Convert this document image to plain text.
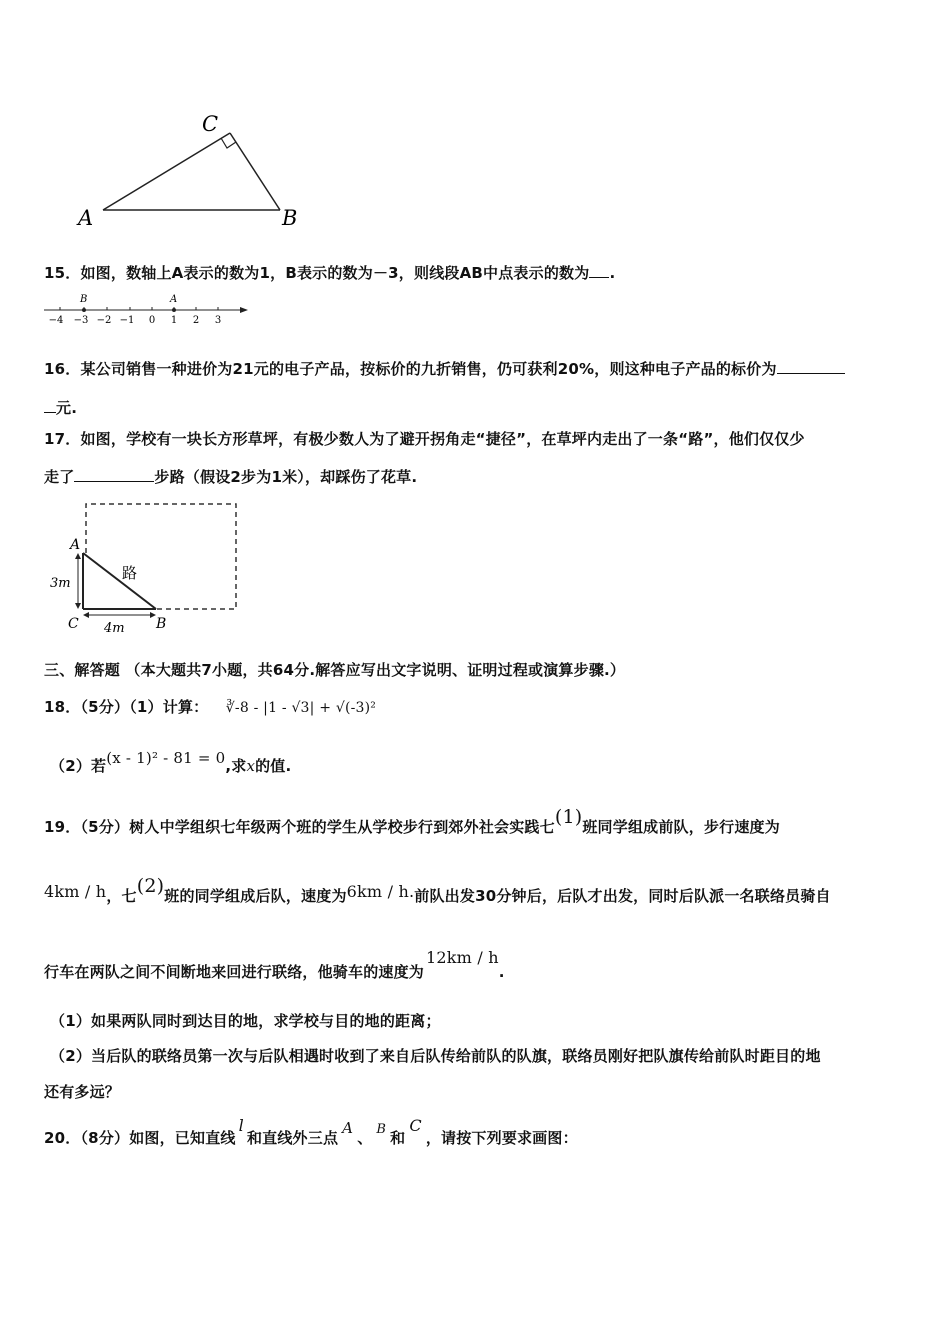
A	B
C
15．如图，数轴上A表示的数为1，B表示的数为－3，则线段AB中点表示的数为 .
B	A
−4 −3 −2 −1 0 1 2 3
16．某公司销售一种进价为21元的电子产品，按标价的九折销售，仍可获利20%，则这种电子产品的标价为
元.
17．如图，学校有一块长方形草坪，有极少数人为了避开拐角走“捷径”，在草坪内走出了一条“路”，他们仅仅少
走了	步路（假设2步为1米），却踩伤了花草.
A
C	B
路
3m
4m
三、解答题 （本大题共7小题，共64分.解答应写出文字说明、证明过程或演算步骤.）
18．（5分）（1）计算： ∛-8 - |1 - √3| + √(-3)²
（2）若(x - 1)² - 81 = 0,求x的值.
19．（5分）树人中学组织七年级两个班的学生从学校步行到郊外社会实践七(1)班同学组成前队，步行速度为
4km / h，七(2)班的同学组成后队，速度为6km / h.前队出发30分钟后，后队才出发，同时后队派一名联络员骑自
行车在两队之间不间断地来回进行联络，他骑车的速度为12km / h.
（1）如果两队同时到达目的地，求学校与目的地的距离；
（2）当后队的联络员第一次与后队相遇时收到了来自后队传给前队的队旗，联络员刚好把队旗传给前队时距目的地
还有多远？
20．（8分）如图，已知直线l和直线外三点A、 B 和C，请按下列要求画图：
